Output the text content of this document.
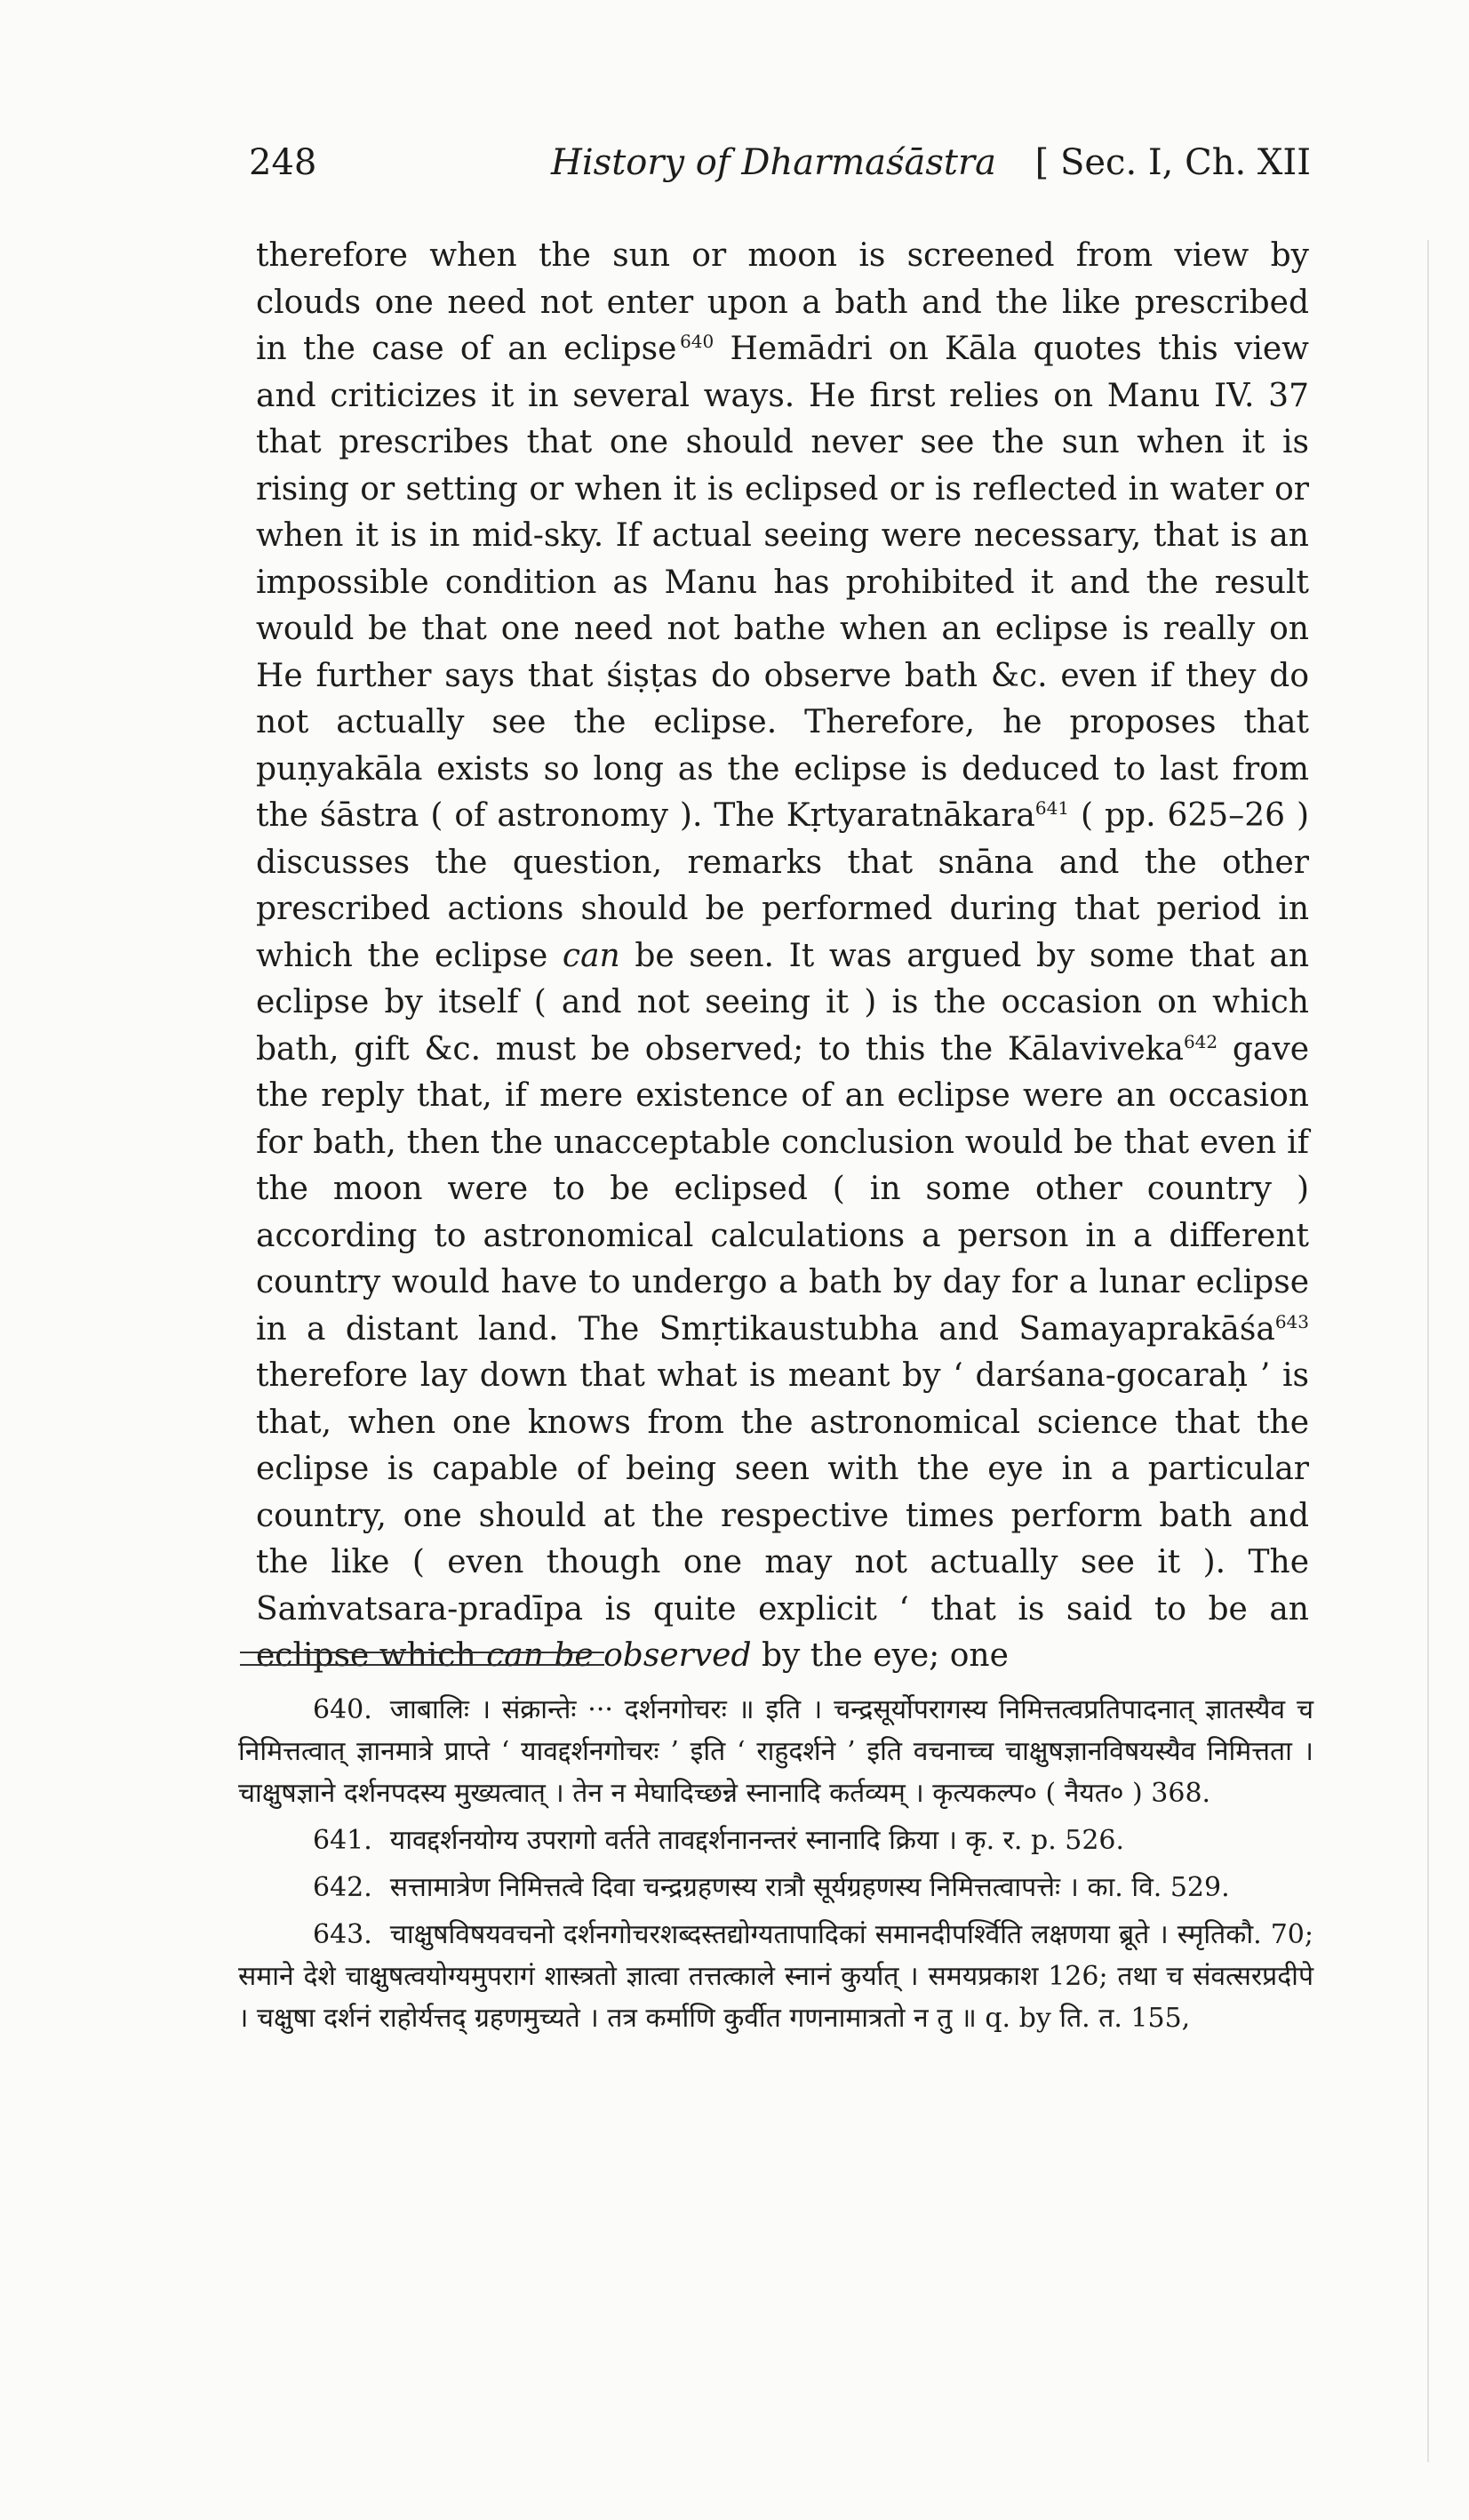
248	History of Dharmaśāstra [ Sec. I, Ch. XII

therefore when the sun or moon is screened from view by clouds one need not enter upon a bath and the like prescribed in the case of an eclipse  $^{640}$ Hemādri on Kāla quotes this view and criticizes it in several ways. He first relies on Manu IV. 37 that prescribes that one should never see the sun when it is rising or setting or when it is eclipsed or is reflected in water or when it is in mid-sky. If actual seeing were necessary, that is an impossible condition as Manu has prohibited it and the result would be that one need not bathe when an eclipse is really on He further says that śiṣṭas do observe bath &c. even if they do not actually see the eclipse. Therefore, he proposes that puṇyakāla exists so long as the eclipse is deduced to last from the śāstra ( of astronomy ). The Kṛtyaratnākara$^{641}$ ( pp. 625–26 ) discusses the question, remarks that snāna and the other prescribed actions should be performed during that period in which the eclipse can be seen. It was argued by some that an eclipse by itself ( and not seeing it ) is the occasion on which bath, gift &c. must be observed; to this the Kālaviveka$^{642}$ gave the reply that, if mere existence of an eclipse were an occasion for bath, then the unacceptable conclusion would be that even if the moon were to be eclipsed ( in some other country ) according to astronomical calculations a person in a different country would have to undergo a bath by day for a lunar eclipse in a distant land. The Smṛtikaustubha and Samayaprakāśa$^{643}$ therefore lay down that what is meant by ‘ darśana-gocaraḥ ’ is that, when one knows from the astronomical science that the eclipse is capable of being seen with the eye in a particular country, one should at the respective times perform bath and the like ( even though one may not actually see it ). The Saṁvatsara-pradīpa is quite explicit ‘ that is said to be an eclipse which can be observed by the eye; one

640. जाबालिः । संक्रान्तेः ··· दर्शनगोचरः ॥ इति । चन्द्रसूर्योपरागस्य निमित्तत्वप्रतिपादनात् ज्ञातस्यैव च निमित्तत्वात् ज्ञानमात्रे प्राप्ते ‘ यावद्दर्शनगोचरः ’ इति ‘ राहुदर्शने ’ इति वचनाच्च चाक्षुषज्ञानविषयस्यैव निमित्तता । चाक्षुषज्ञाने दर्शनपदस्य मुख्यत्वात् । तेन न मेघादिच्छन्ने स्नानादि कर्तव्यम् । कृत्यकल्प० ( नैयत० ) 368.

641. यावद्दर्शनयोग्य उपरागो वर्तते तावद्दर्शनानन्तरं स्नानादि क्रिया । कृ. र. p. 526.

642. सत्तामात्रेण निमित्तत्वे दिवा चन्द्रग्रहणस्य रात्रौ सूर्यग्रहणस्य निमित्तत्वापत्तेः । का. वि. 529.

643. चाक्षुषविषयवचनो दर्शनगोचरशब्दस्तद्योग्यतापादिकां समानदीपर्श्विति लक्षणया ब्रूते । स्मृतिकौ. 70; समाने देशे चाक्षुषत्वयोग्यमुपरागं शास्त्रतो ज्ञात्वा तत्तत्काले स्नानं कुर्यात् । समयप्रकाश 126; तथा च संवत्सरप्रदीपे । चक्षुषा दर्शनं राहोर्यत्तद् ग्रहणमुच्यते । तत्र कर्माणि कुर्वीत गणनामात्रतो न तु ॥ q. by ति. त. 155,
